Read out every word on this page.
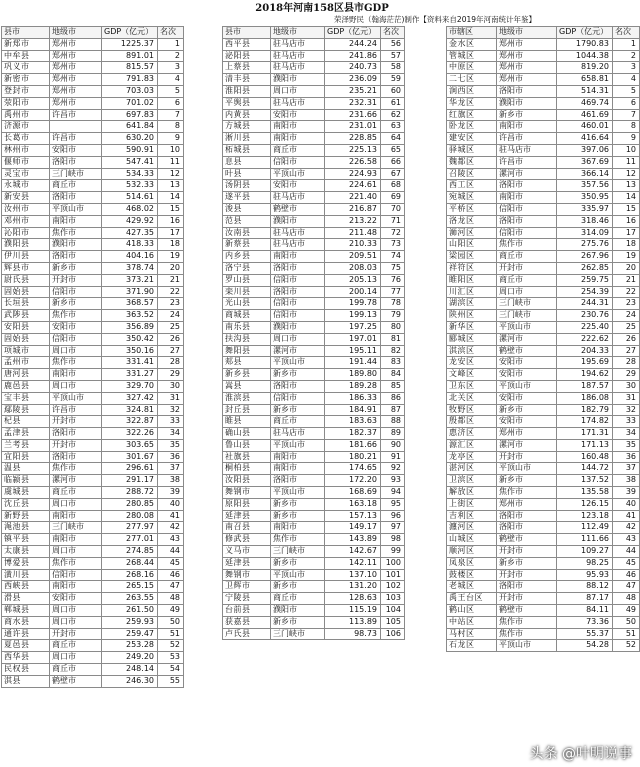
2018年河南158区县市GDP
荣泽野民（翰海茫茫)制作【资料来自2019年河南统计年鉴】
县市	地级市	GDP（亿元）	名次
新郑市	郑州市	1225.37	1
中牟县	郑州市	891.01	2
巩义市	郑州市	815.57	3
新密市	郑州市	791.83	4
登封市	郑州市	703.03	5
荥阳市	郑州市	701.02	6
禹州市	许昌市	697.83	7
济源市		641.84	8
长葛市	许昌市	630.20	9
林州市	安阳市	590.91	10
偃师市	洛阳市	547.41	11
灵宝市	三门峡市	534.33	12
永城市	商丘市	532.33	13
新安县	洛阳市	514.61	14
汝州市	平顶山市	468.02	15
邓州市	南阳市	429.92	16
沁阳市	焦作市	427.35	17
濮阳县	濮阳市	418.33	18
伊川县	洛阳市	404.16	19
辉县市	新乡市	378.74	20
尉氏县	开封市	373.21	21
固始县	信阳市	371.90	22
长垣县	新乡市	368.57	23
武陟县	焦作市	363.52	24
安阳县	安阳市	356.89	25
固始县	信阳市	350.42	26
项城市	周口市	350.16	27
孟州市	焦作市	331.41	28
唐河县	南阳市	331.27	29
鹿邑县	周口市	329.70	30
宝丰县	平顶山市	327.42	31
鄢陵县	许昌市	324.81	32
杞县	开封市	322.87	33
孟津县	洛阳市	322.26	34
兰考县	开封市	303.65	35
宜阳县	洛阳市	301.67	36
温县	焦作市	296.61	37
临颍县	漯河市	291.17	38
虞城县	商丘市	288.72	39
沈丘县	周口市	280.85	40
新野县	南阳市	280.08	41
渑池县	三门峡市	277.97	42
镇平县	南阳市	277.01	43
太康县	周口市	274.85	44
博爱县	焦作市	268.44	45
潢川县	信阳市	268.16	46
西峡县	南阳市	265.15	47
滑县	安阳市	263.55	48
郸城县	周口市	261.50	49
商水县	周口市	259.93	50
通许县	开封市	259.47	51
夏邑县	商丘市	253.28	52
西华县	周口市	249.20	53
民权县	商丘市	248.14	54
淇县	鹤壁市	246.30	55
县市	地级市	GDP（亿元）	名次
西平县	驻马店市	244.24	56
泌阳县	驻马店市	241.86	57
上蔡县	驻马店市	240.73	58
清丰县	濮阳市	236.09	59
淮阳县	周口市	235.21	60
平舆县	驻马店市	232.31	61
内黄县	安阳市	231.66	62
方城县	南阳市	231.01	63
淅川县	南阳市	228.85	64
柘城县	商丘市	225.13	65
息县	信阳市	226.58	66
叶县	平顶山市	224.93	67
汤阴县	安阳市	224.61	68
遂平县	驻马店市	221.40	69
浚县	鹤壁市	216.87	70
范县	濮阳市	213.22	71
汝南县	驻马店市	211.48	72
新蔡县	驻马店市	210.33	73
内乡县	南阳市	209.51	74
洛宁县	洛阳市	208.03	75
罗山县	信阳市	205.13	76
栾川县	洛阳市	200.14	77
光山县	信阳市	199.78	78
商城县	信阳市	199.13	79
南乐县	濮阳市	197.25	80
扶沟县	周口市	197.01	81
舞阳县	漯河市	195.11	82
郏县	平顶山市	191.44	83
新乡县	新乡市	189.80	84
嵩县	洛阳市	189.28	85
淮滨县	信阳市	186.33	86
封丘县	新乡市	184.91	87
睢县	商丘市	183.63	88
确山县	驻马店市	182.37	89
鲁山县	平顶山市	181.66	90
社旗县	南阳市	180.21	91
桐柏县	南阳市	174.65	92
汝阳县	洛阳市	172.20	93
舞钢市	平顶山市	168.69	94
原阳县	新乡市	163.18	95
延津县	新乡市	157.13	96
南召县	南阳市	149.17	97
修武县	焦作市	143.89	98
义马市	三门峡市	142.67	99
延津县	新乡市	142.11	100
舞钢市	平顶山市	137.10	101
卫辉市	新乡市	131.20	102
宁陵县	商丘市	128.63	103
台前县	濮阳市	115.19	104
获嘉县	新乡市	113.89	105
卢氏县	三门峡市	98.73	106
市辖区	地级市	GDP（亿元）	名次
金水区	郑州市	1790.83	1
管城区	郑州市	1044.38	2
中原区	郑州市	819.20	3
二七区	郑州市	658.81	4
涧西区	洛阳市	514.31	5
华龙区	濮阳市	469.74	6
红旗区	新乡市	461.69	7
卧龙区	南阳市	460.01	8
建安区	许昌市	416.64	9
驿城区	驻马店市	397.06	10
魏都区	许昌市	367.69	11
召陵区	漯河市	366.14	12
西工区	洛阳市	357.56	13
宛城区	南阳市	350.95	14
平桥区	信阳市	335.97	15
洛龙区	洛阳市	318.46	16
浉河区	信阳市	314.09	17
山阳区	焦作市	275.76	18
梁园区	商丘市	267.96	19
祥符区	开封市	262.85	20
睢阳区	商丘市	259.75	21
川汇区	周口市	254.39	22
湖滨区	三门峡市	244.31	23
陕州区	三门峡市	230.76	24
新华区	平顶山市	225.40	25
郾城区	漯河市	222.62	26
淇滨区	鹤壁市	204.33	27
龙安区	安阳市	195.69	28
文峰区	安阳市	194.62	29
卫东区	平顶山市	187.57	30
北关区	安阳市	186.08	31
牧野区	新乡市	182.79	32
殷都区	安阳市	174.82	33
惠济区	郑州市	171.31	34
源汇区	漯河市	171.13	35
龙亭区	开封市	160.48	36
湛河区	平顶山市	144.72	37
卫滨区	新乡市	137.52	38
解放区	焦作市	135.58	39
上街区	郑州市	126.15	40
吉利区	洛阳市	123.18	41
瀍河区	洛阳市	112.49	42
山城区	鹤壁市	111.66	43
顺河区	开封市	109.27	44
凤泉区	新乡市	98.25	45
鼓楼区	开封市	95.93	46
老城区	洛阳市	88.12	47
禹王台区	开封市	87.17	48
鹤山区	鹤壁市	84.11	49
中站区	焦作市	73.36	50
马村区	焦作市	55.37	51
石龙区	平顶山市	54.28	52
头条 @叶明说事
